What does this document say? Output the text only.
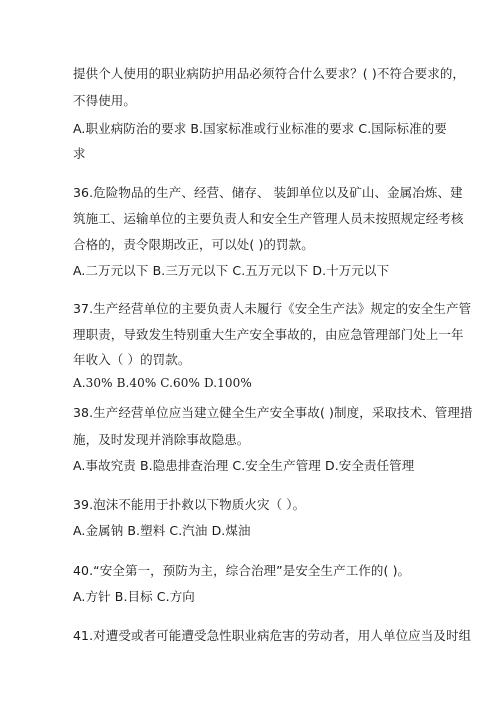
提供个人使用的职业病防护用品必须符合什么要求？( )不符合要求的，
不得使用。
A.职业病防治的要求 B.国家标准或行业标准的要求 C.国际标准的要
求
36.危险物品的生产、经营、储存、 装卸单位以及矿山、金属冶炼、建
筑施工、运输单位的主要负责人和安全生产管理人员未按照规定经考核
合格的，责令限期改正，可以处( )的罚款。
A.二万元以下 B.三万元以下 C.五万元以下 D.十万元以下
37.生产经营单位的主要负责人未履行《安全生产法》规定的安全生产管
理职责，导致发生特别重大生产安全事故的，由应急管理部门处上一年
年收入（ ）的罚款。
A.30% B.40% C.60% D.100%
38.生产经营单位应当建立健全生产安全事故( )制度，采取技术、管理措
施，及时发现并消除事故隐患。
A.事故究责 B.隐患排查治理 C.安全生产管理 D.安全责任管理
39.泡沫不能用于扑救以下物质火灾（ ）。
A.金属钠 B.塑料 C.汽油 D.煤油
40.“安全第一，预防为主，综合治理”是安全生产工作的( )。
A.方针 B.目标 C.方向
41.对遭受或者可能遭受急性职业病危害的劳动者，用人单位应当及时组
